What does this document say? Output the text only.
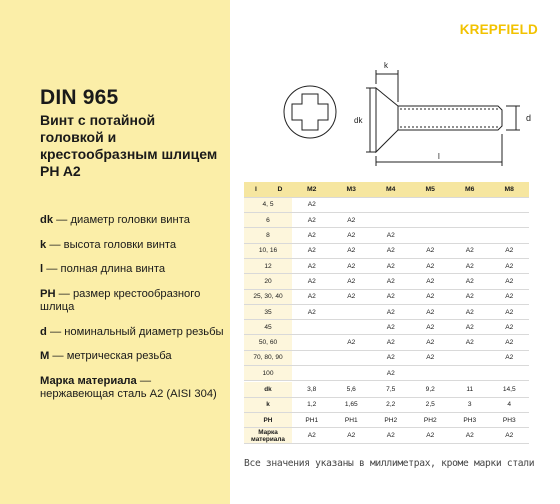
DIN 965
Винт с потайной головкой и крестообразным шлицем PH A2
dk — диаметр головки винта
k — высота головки винта
l — полная длина винта
PH — размер крестообразного шлица
d — номинальный диаметр резьбы
M — метрическая резьба
Марка материала — нержавеющая сталь А2 (AISI 304)
KREPFIELD
k
dk	d
l
l	D	M2	M3	M4	M5	M6	M8
4, 5		A2					
6		A2	A2				
8		A2	A2	A2			
10, 16		A2	A2	A2	A2	A2	A2
12		A2	A2	A2	A2	A2	A2
20		A2	A2	A2	A2	A2	A2
25, 30, 40		A2	A2	A2	A2	A2	A2
35		A2		A2	A2	A2	A2
45				A2	A2	A2	A2
50, 60			A2	A2	A2	A2	A2
70, 80, 90				A2	A2		A2
100				A2			
dk	3,8	5,6	7,5	9,2	11	14,5
k	1,2	1,65	2,2	2,5	3	4
PH	PH1	PH1	PH2	PH2	PH3	PH3
Марка материала	A2	A2	A2	A2	A2	A2
Все значения указаны в миллиметрах, кроме марки стали
